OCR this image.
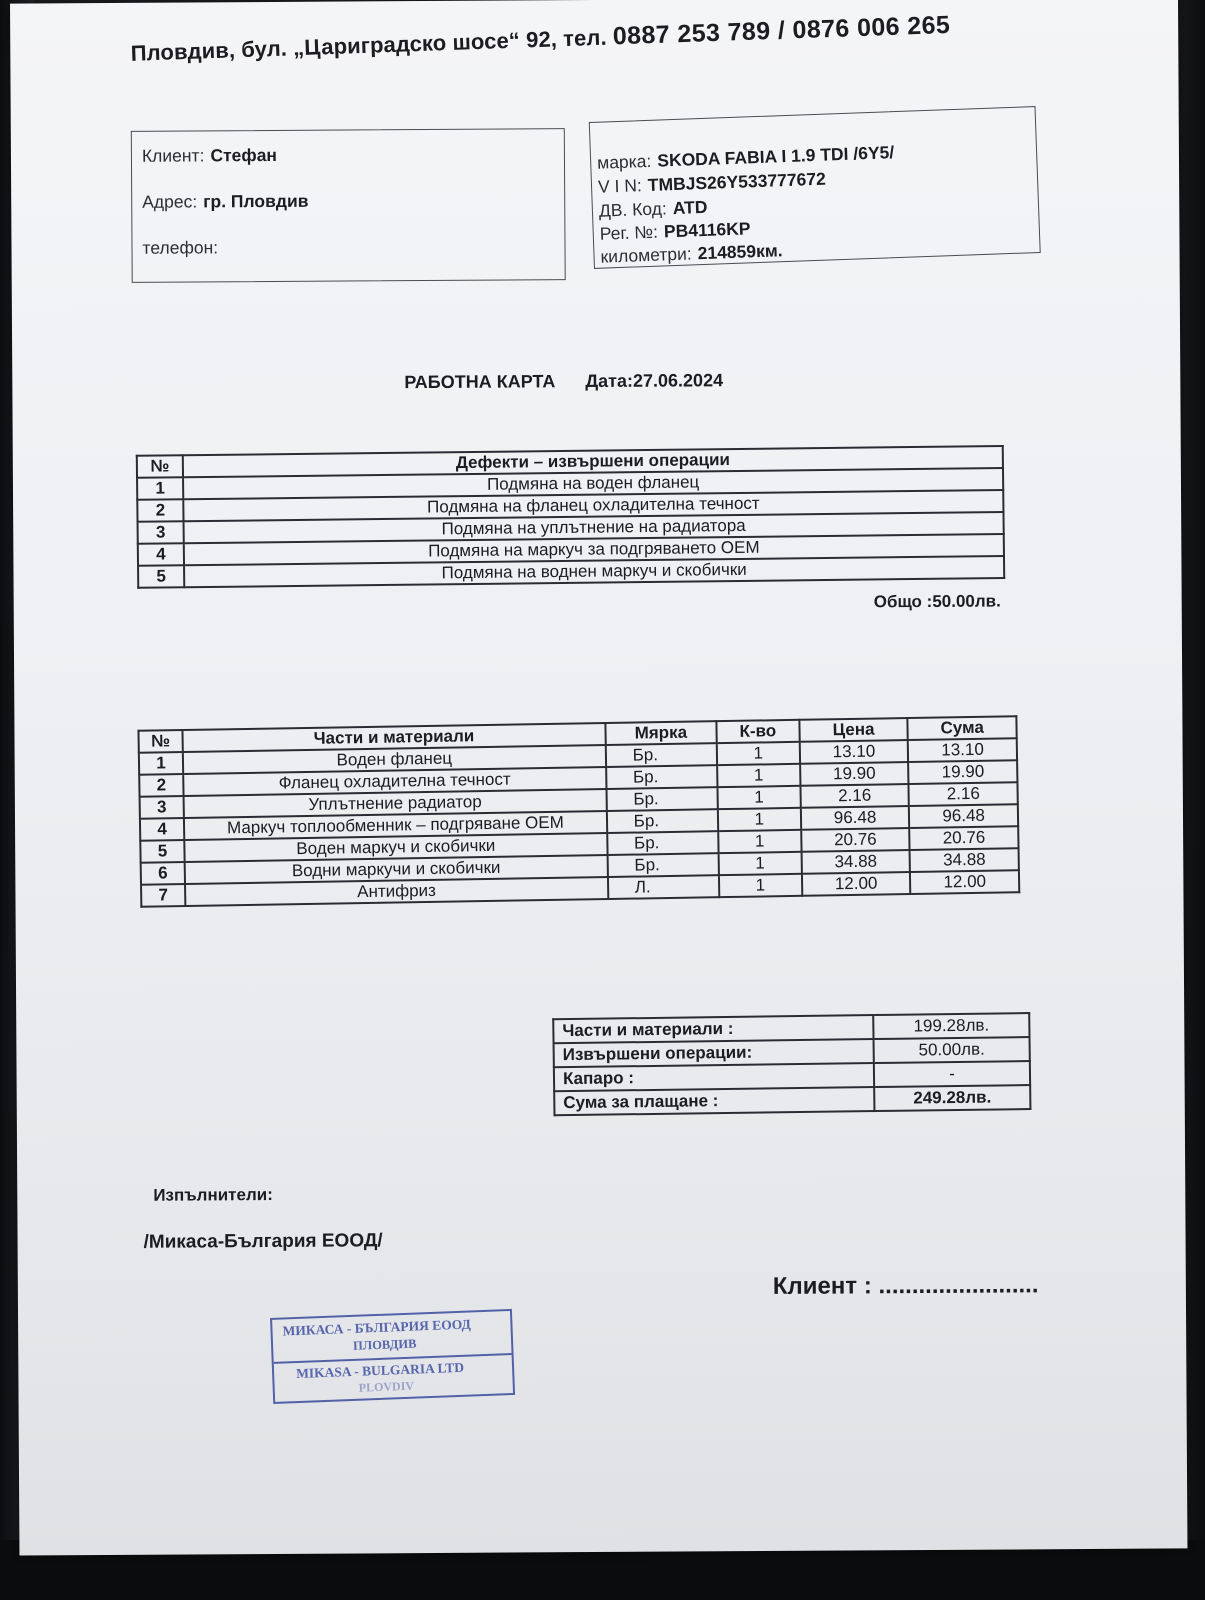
Пловдив, бул. „Цариградско шосе“ 92, тел. 0887 253 789 / 0876 006 265
Клиент: Стефан
Адрес: гр. Пловдив
телефон:
марка: SKODA FABIA I 1.9 TDI /6Y5/
V I N: TMBJS26Y533777672
ДВ. Код: ATD
Рег. №: PB4116KP
километри: 214859км.
РАБОТНА КАРТА Дата:27.06.2024
№	Дефекти – извършени операции
1	Подмяна на воден фланец
2	Подмяна на фланец охладителна течност
3	Подмяна на уплътнение на радиатора
4	Подмяна на маркуч за подгряването OEM
5	Подмяна на воднен маркуч и скобички
Общо :50.00лв.
№	Части и материали	Мярка	К-во	Цена	Сума
1	Воден фланец	Бр.	1	13.10	13.10
2	Фланец охладителна течност	Бр.	1	19.90	19.90
3	Уплътнение радиатор	Бр.	1	2.16	2.16
4	Маркуч топлообменник – подгряване OEM	Бр.	1	96.48	96.48
5	Воден маркуч и скобички	Бр.	1	20.76	20.76
6	Водни маркучи и скобички	Бр.	1	34.88	34.88
7	Антифриз	Л.	1	12.00	12.00
Части и материали :	199.28лв.
Извършени операции:	50.00лв.
Капаро :	-
Сума за плащане :	249.28лв.
Изпълнители:
/Микаса-България ЕООД/
Клиент : ........................
МИКАСА - БЪЛГАРИЯ ЕООД
ПЛОВДИВ
MIKASA - BULGARIA LTD
PLOVDIV
